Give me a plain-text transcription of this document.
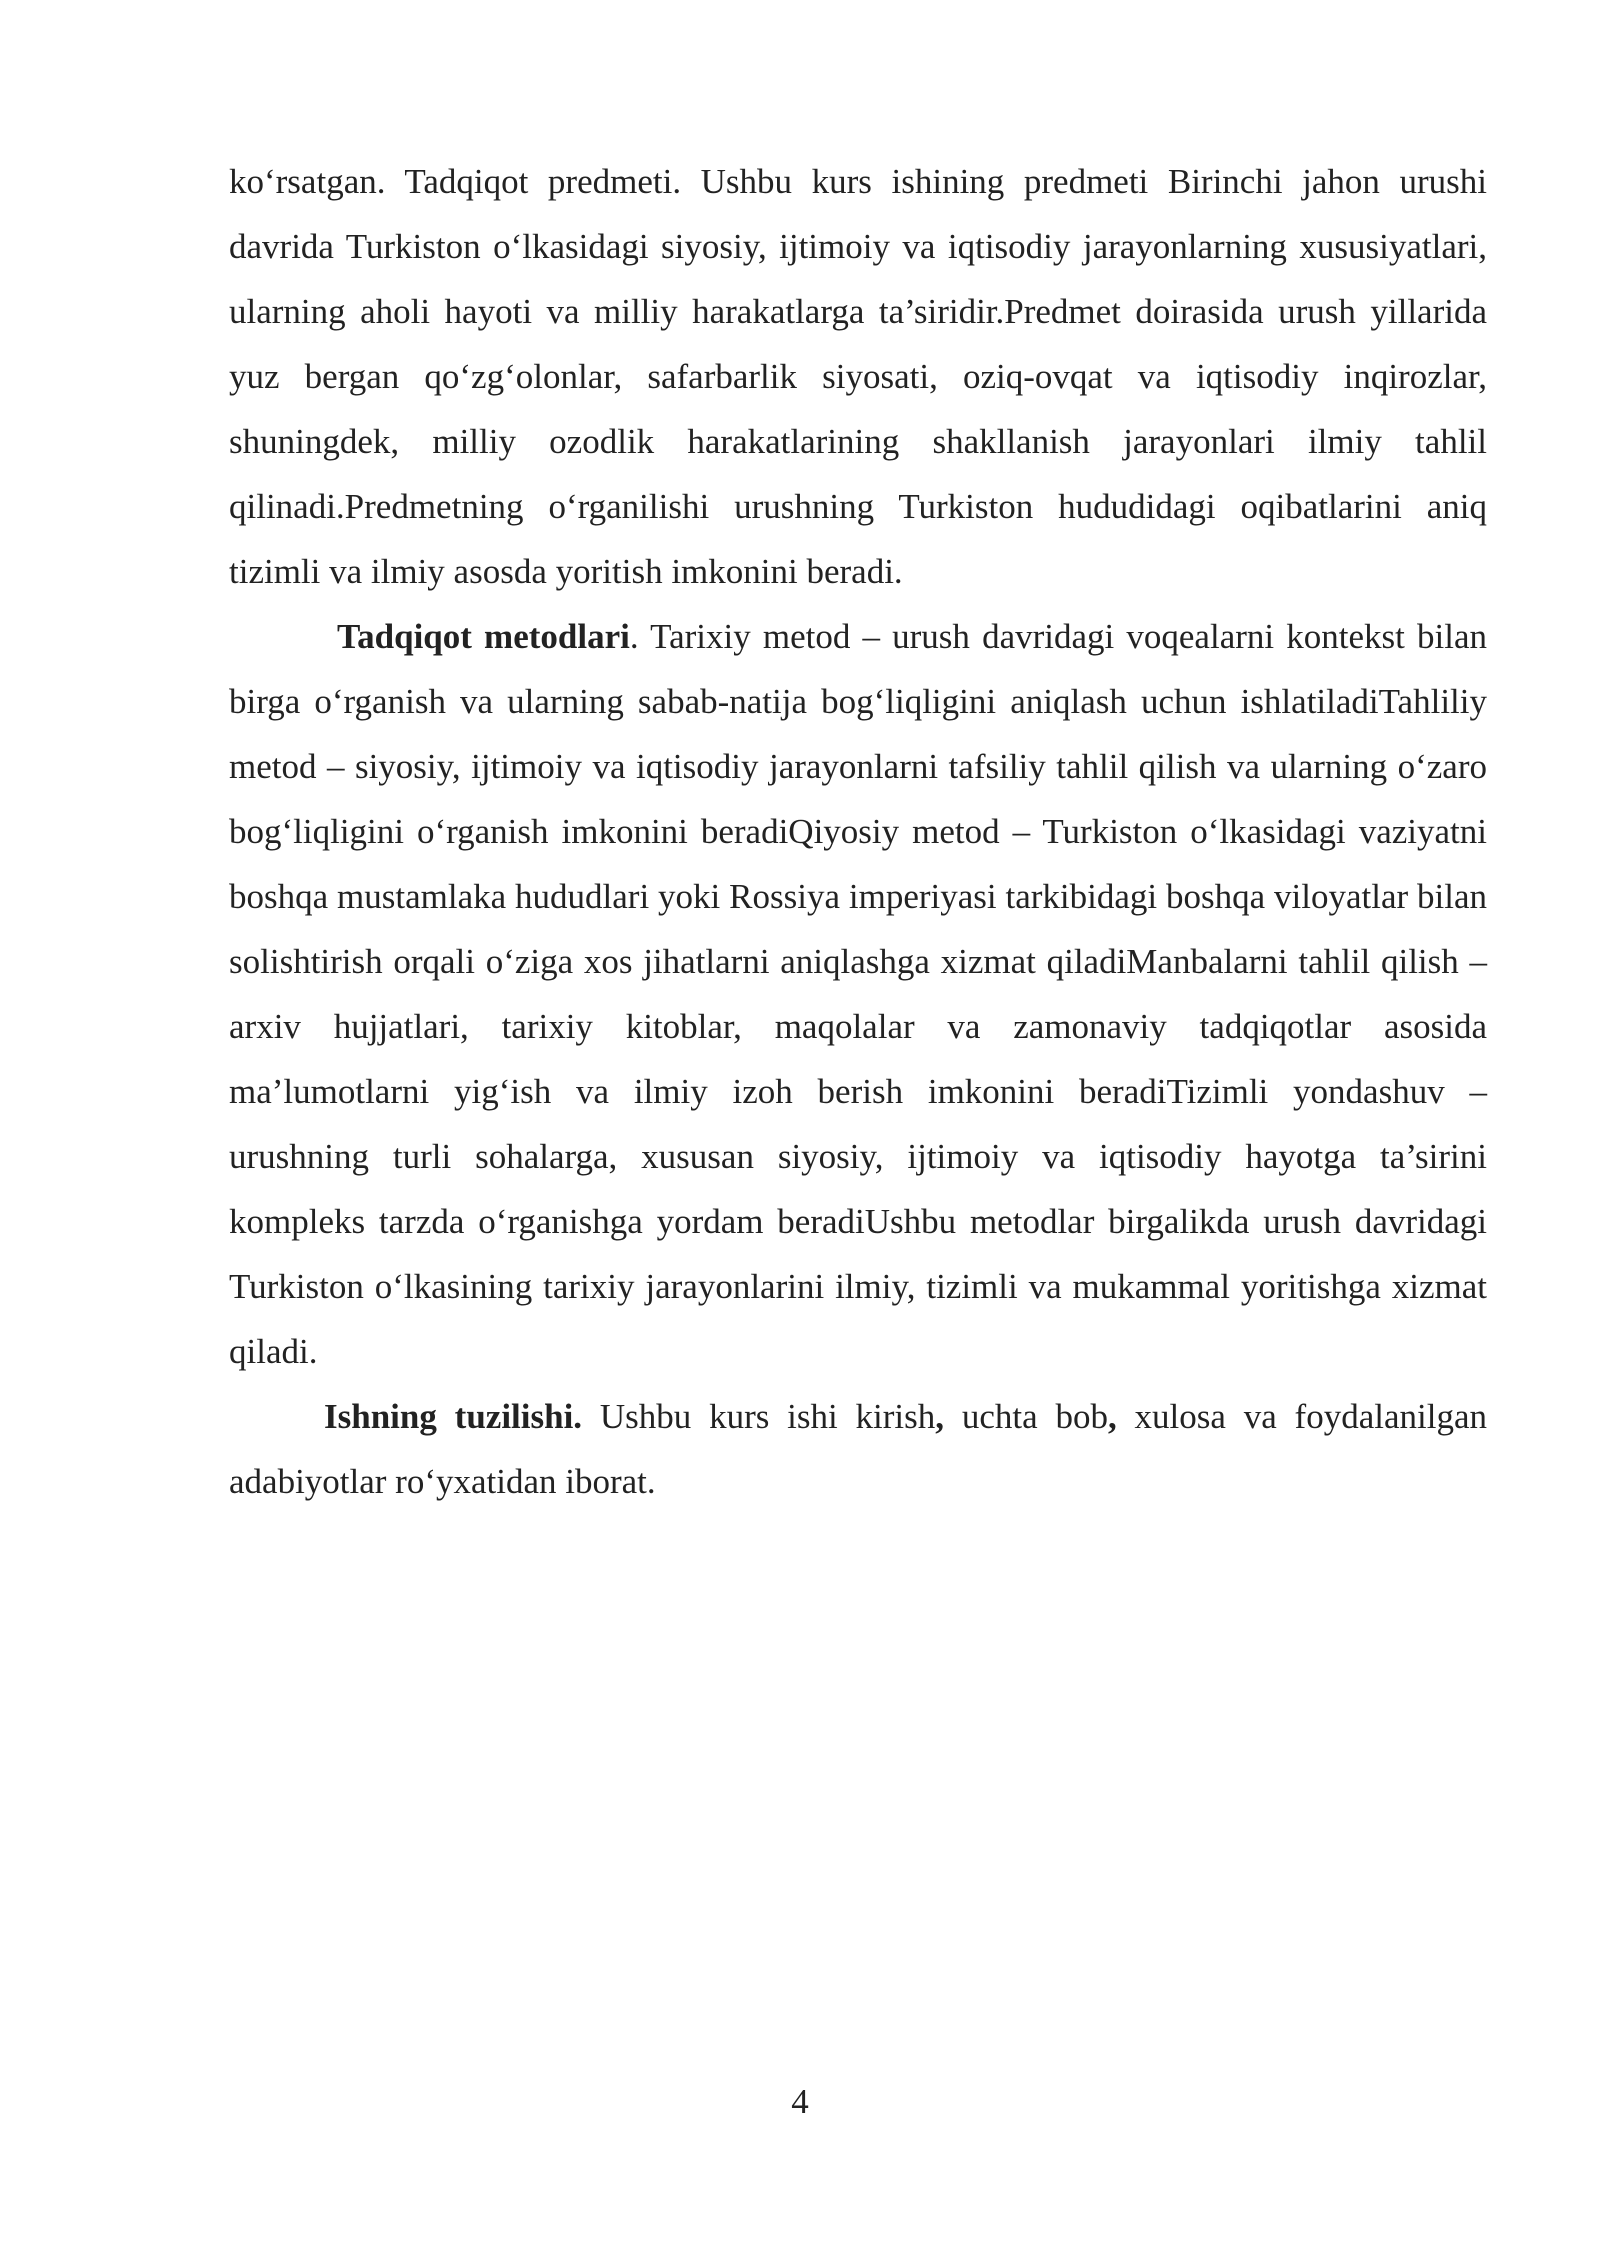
ko‘rsatgan. Tadqiqot predmeti. Ushbu kurs ishining predmeti Birinchi jahon urushi davrida Turkiston o‘lkasidagi siyosiy, ijtimoiy va iqtisodiy jarayonlarning xususiyatlari, ularning aholi hayoti va milliy harakatlarga ta’siridir.Predmet doirasida urush yillarida yuz bergan qo‘zg‘olonlar, safarbarlik siyosati, oziq-ovqat va iqtisodiy inqirozlar, shuningdek, milliy ozodlik harakatlarining shakllanish jarayonlari ilmiy tahlil qilinadi.Predmetning o‘rganilishi urushning Turkiston hududidagi oqibatlarini aniq tizimli va ilmiy asosda yoritish imkonini beradi.

Tadqiqot metodlari. Tarixiy metod – urush davridagi voqealarni kontekst bilan birga o‘rganish va ularning sabab-natija bog‘liqligini aniqlash uchun ishlatiladiTahliliy metod – siyosiy, ijtimoiy va iqtisodiy jarayonlarni tafsiliy tahlil qilish va ularning o‘zaro bog‘liqligini o‘rganish imkonini beradiQiyosiy metod – Turkiston o‘lkasidagi vaziyatni boshqa mustamlaka hududlari yoki Rossiya imperiyasi tarkibidagi boshqa viloyatlar bilan solishtirish orqali o‘ziga xos jihatlarni aniqlashga xizmat qiladiManbalarni tahlil qilish – arxiv hujjatlari, tarixiy kitoblar, maqolalar va zamonaviy tadqiqotlar asosida ma’lumotlarni yig‘ish va ilmiy izoh berish imkonini beradiTizimli yondashuv – urushning turli sohalarga, xususan siyosiy, ijtimoiy va iqtisodiy hayotga ta’sirini kompleks tarzda o‘rganishga yordam beradiUshbu metodlar birgalikda urush davridagi Turkiston o‘lkasining tarixiy jarayonlarini ilmiy, tizimli va mukammal yoritishga xizmat qiladi.

Ishning tuzilishi. Ushbu kurs ishi kirish, uchta bob, xulosa va foydalanilgan adabiyotlar ro‘yxatidan iborat.

4
